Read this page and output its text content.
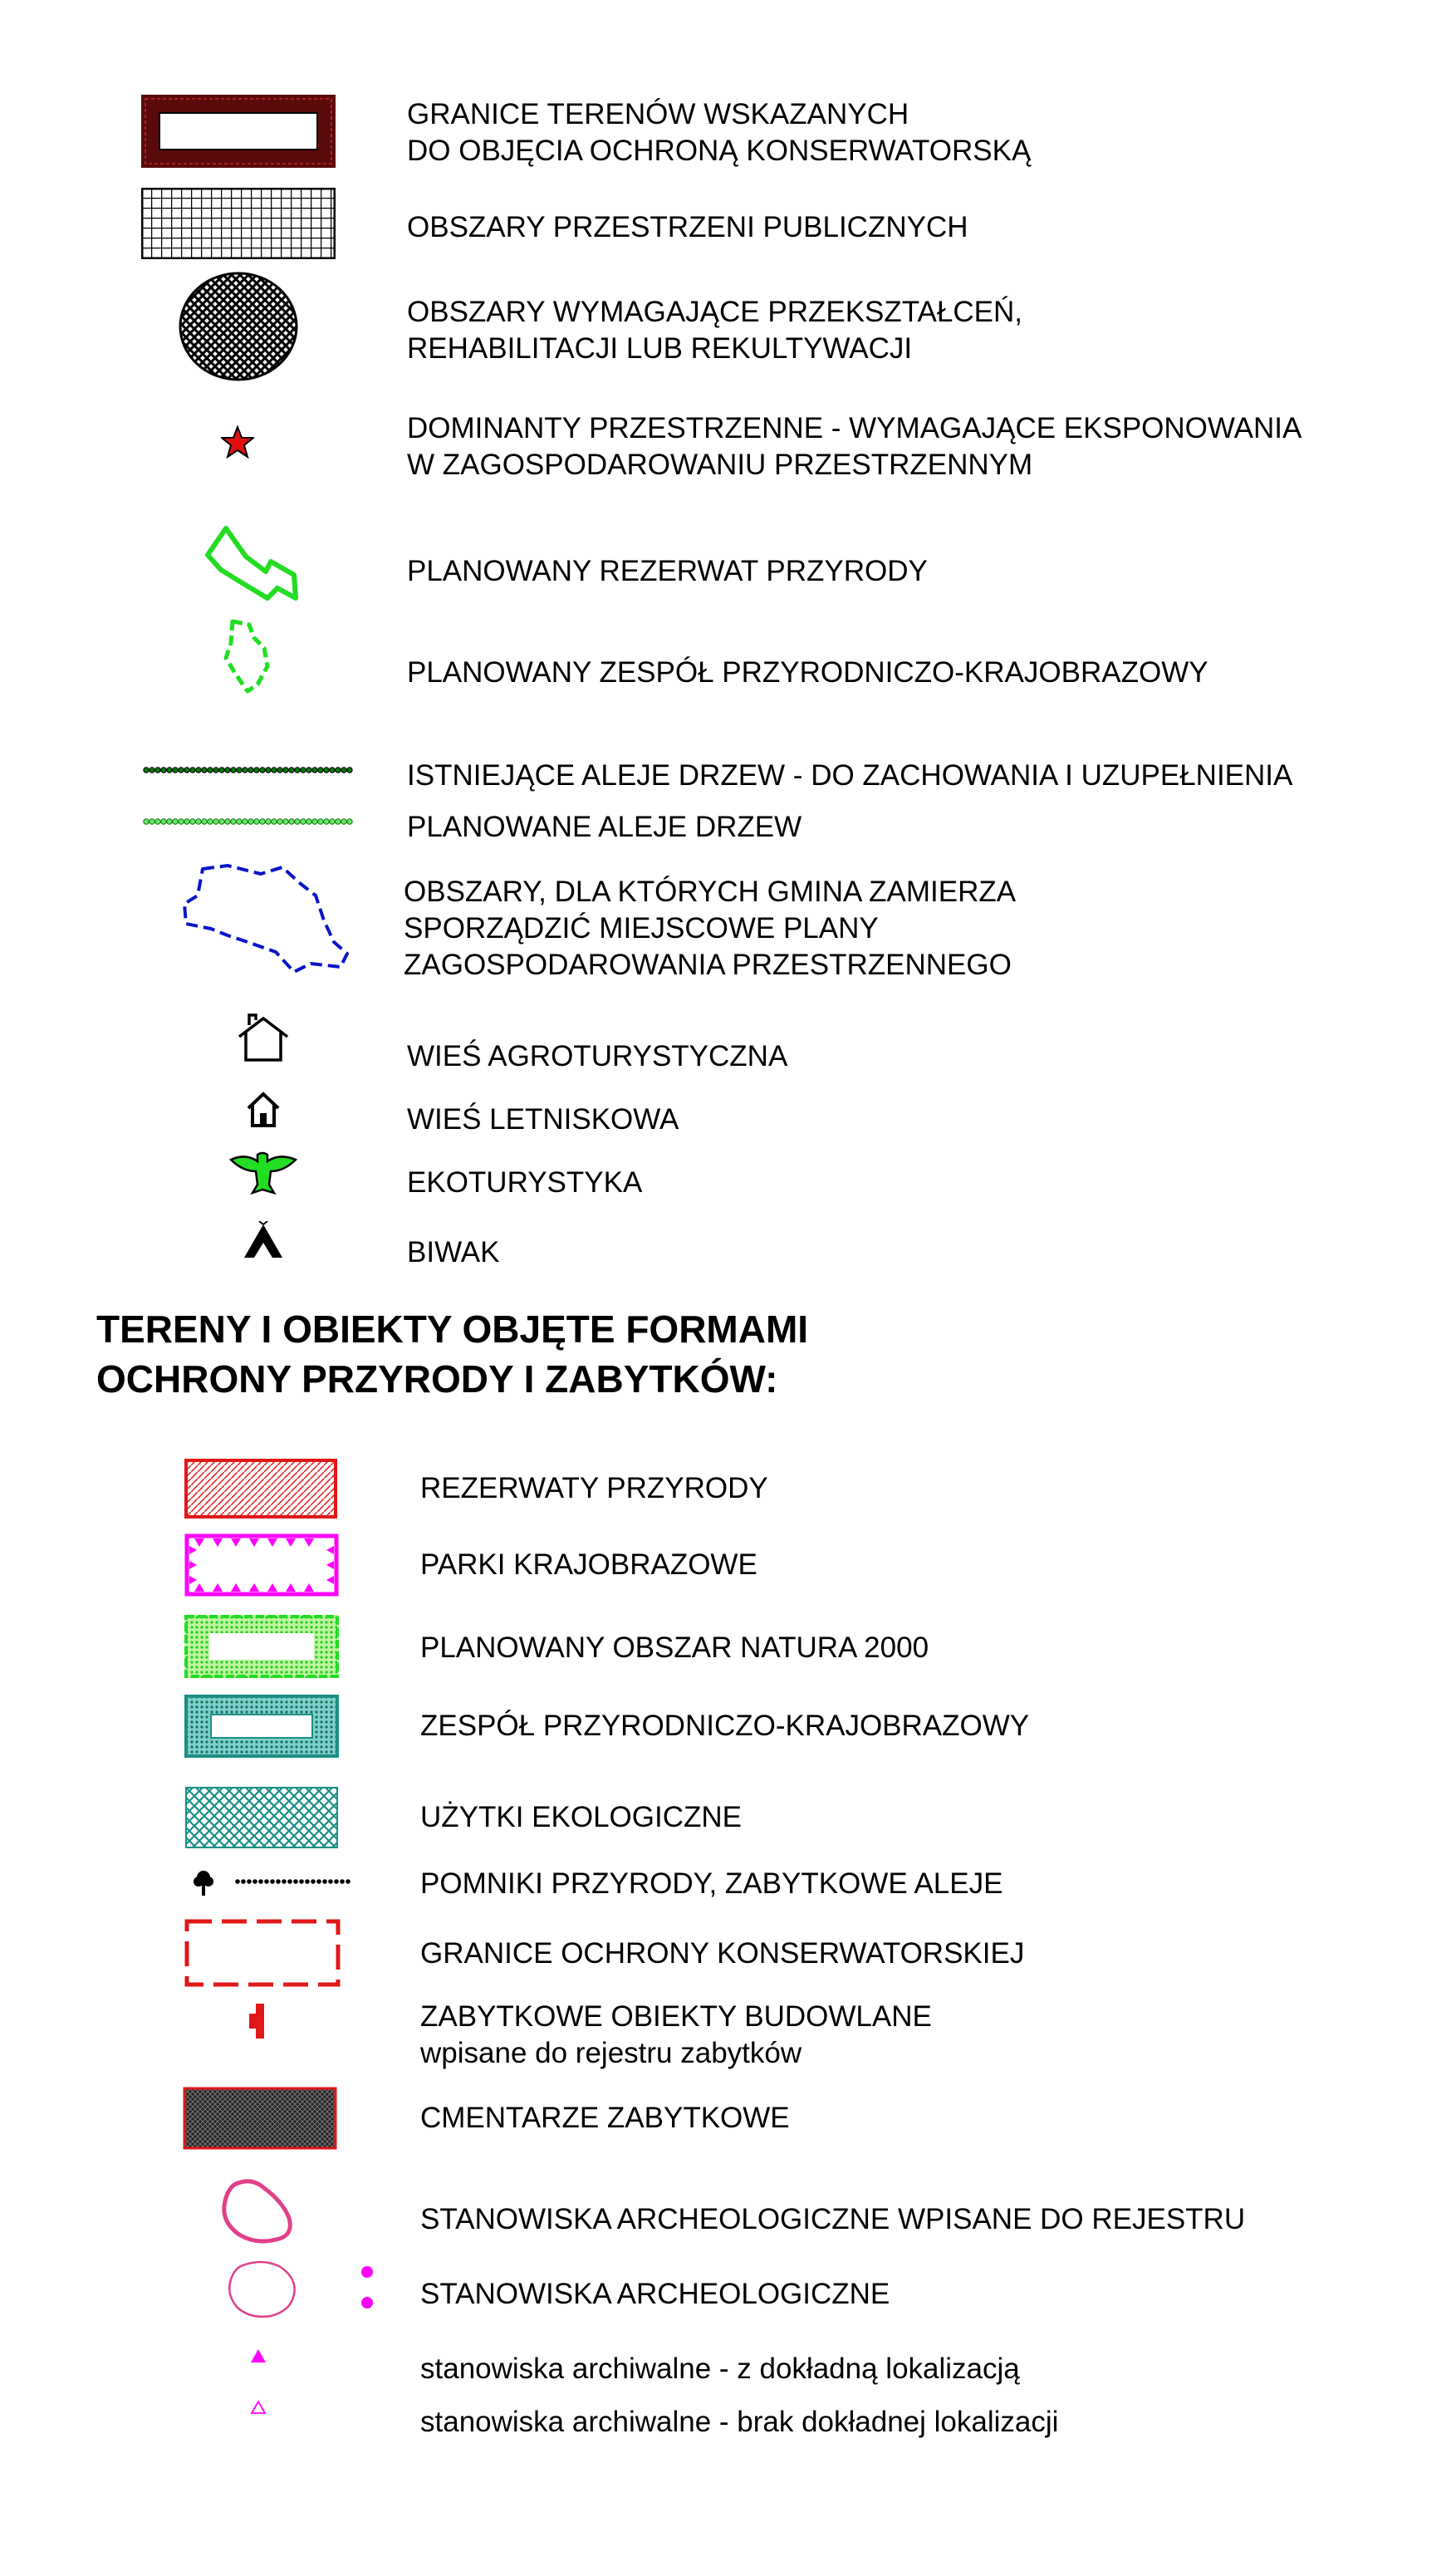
GRANICE TERENÓW WSKAZANYCH
DO OBJĘCIA OCHRONĄ KONSERWATORSKĄ
OBSZARY PRZESTRZENI PUBLICZNYCH
OBSZARY WYMAGAJĄCE PRZEKSZTAŁCEŃ,
REHABILITACJI LUB REKULTYWACJI
DOMINANTY PRZESTRZENNE - WYMAGAJĄCE EKSPONOWANIA
W ZAGOSPODAROWANIU PRZESTRZENNYM
PLANOWANY REZERWAT PRZYRODY
PLANOWANY ZESPÓŁ PRZYRODNICZO-KRAJOBRAZOWY
ISTNIEJĄCE ALEJE DRZEW - DO ZACHOWANIA I UZUPEŁNIENIA
PLANOWANE ALEJE DRZEW
OBSZARY, DLA KTÓRYCH GMINA ZAMIERZA
SPORZĄDZIĆ MIEJSCOWE PLANY
ZAGOSPODAROWANIA PRZESTRZENNEGO
WIEŚ AGROTURYSTYCZNA
WIEŚ LETNISKOWA
EKOTURYSTYKA
BIWAK
TERENY I OBIEKTY OBJĘTE FORMAMI
OCHRONY PRZYRODY I ZABYTKÓW:
REZERWATY PRZYRODY
PARKI KRAJOBRAZOWE
PLANOWANY OBSZAR NATURA 2000
ZESPÓŁ PRZYRODNICZO-KRAJOBRAZOWY
UŻYTKI EKOLOGICZNE
POMNIKI PRZYRODY, ZABYTKOWE ALEJE
GRANICE OCHRONY KONSERWATORSKIEJ
ZABYTKOWE OBIEKTY BUDOWLANE
wpisane do rejestru zabytków
CMENTARZE ZABYTKOWE
STANOWISKA ARCHEOLOGICZNE WPISANE DO REJESTRU
STANOWISKA ARCHEOLOGICZNE
stanowiska archiwalne - z dokładną lokalizacją
stanowiska archiwalne - brak dokładnej lokalizacji
